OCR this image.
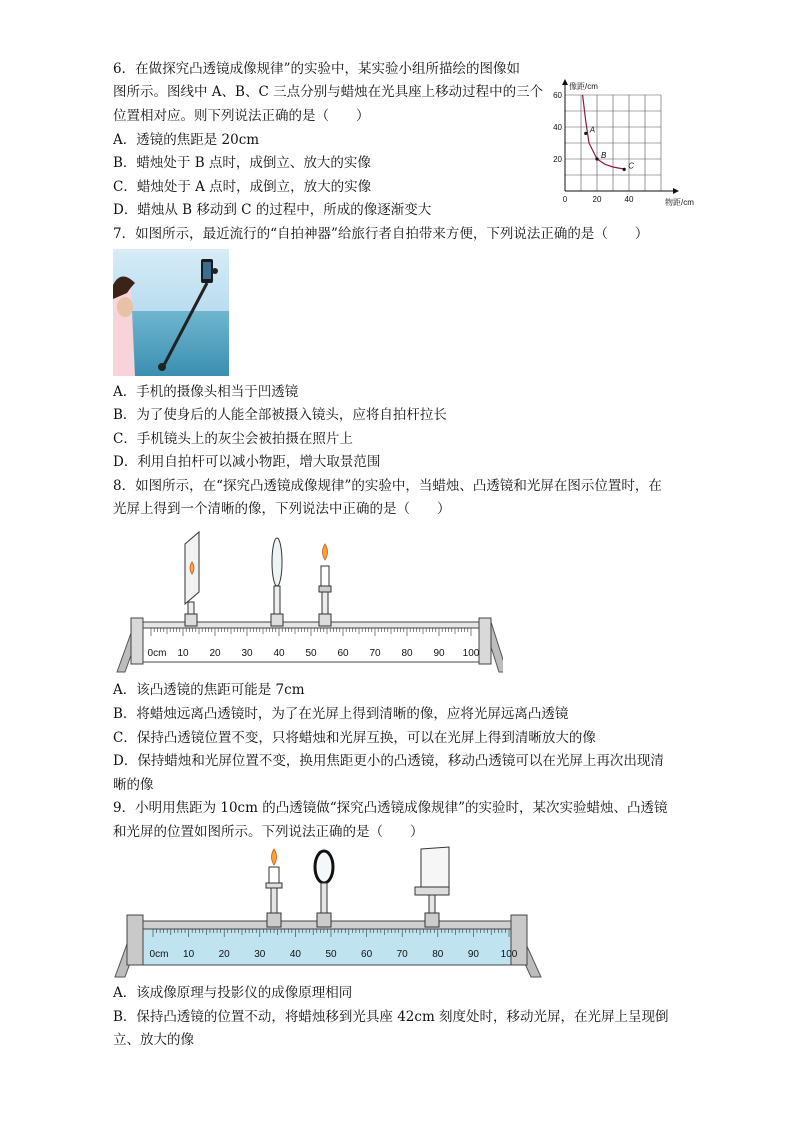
6．在做探究凸透镜成像规律”的实验中，某实验小组所描绘的图像如
图所示。图线中 A、B、C 三点分别与蜡烛在光具座上移动过程中的三个
位置相对应。则下列说法正确的是（　　）
A．透镜的焦距是 20cm
B．蜡烛处于 B 点时，成倒立、放大的实像
C．蜡烛处于 A 点时，成倒立，放大的实像
D．蜡烛从 B 移动到 C 的过程中，所成的像逐渐变大
像距/cm
物距/cm
0	20	40
20
40
60
A
B
C
7．如图所示，最近流行的“自拍神器”给旅行者自拍带来方便，下列说法正确的是（　　）
A．手机的摄像头相当于凹透镜
B．为了使身后的人能全部被摄入镜头，应将自拍杆拉长
C．手机镜头上的灰尘会被拍摄在照片上
D．利用自拍杆可以减小物距，增大取景范围
8．如图所示，在“探究凸透镜成像规律”的实验中，当蜡烛、凸透镜和光屏在图示位置时，在
光屏上得到一个清晰的像，下列说法中正确的是（　　）
0cm 10 20 30 40 50 60 70 80 90 100
A．该凸透镜的焦距可能是 7cm
B．将蜡烛远离凸透镜时，为了在光屏上得到清晰的像，应将光屏远离凸透镜
C．保持凸透镜位置不变，只将蜡烛和光屏互换，可以在光屏上得到清晰放大的像
D．保持蜡烛和光屏位置不变，换用焦距更小的凸透镜，移动凸透镜可以在光屏上再次出现清
晰的像
9．小明用焦距为 10cm 的凸透镜做“探究凸透镜成像规律”的实验时，某次实验蜡烛、凸透镜
和光屏的位置如图所示。下列说法正确的是（　　）
0cm 10 20 30 40 50 60 70 80 90 100
A．该成像原理与投影仪的成像原理相同
B．保持凸透镜的位置不动，将蜡烛移到光具座 42cm 刻度处时，移动光屏，在光屏上呈现倒
立、放大的像
